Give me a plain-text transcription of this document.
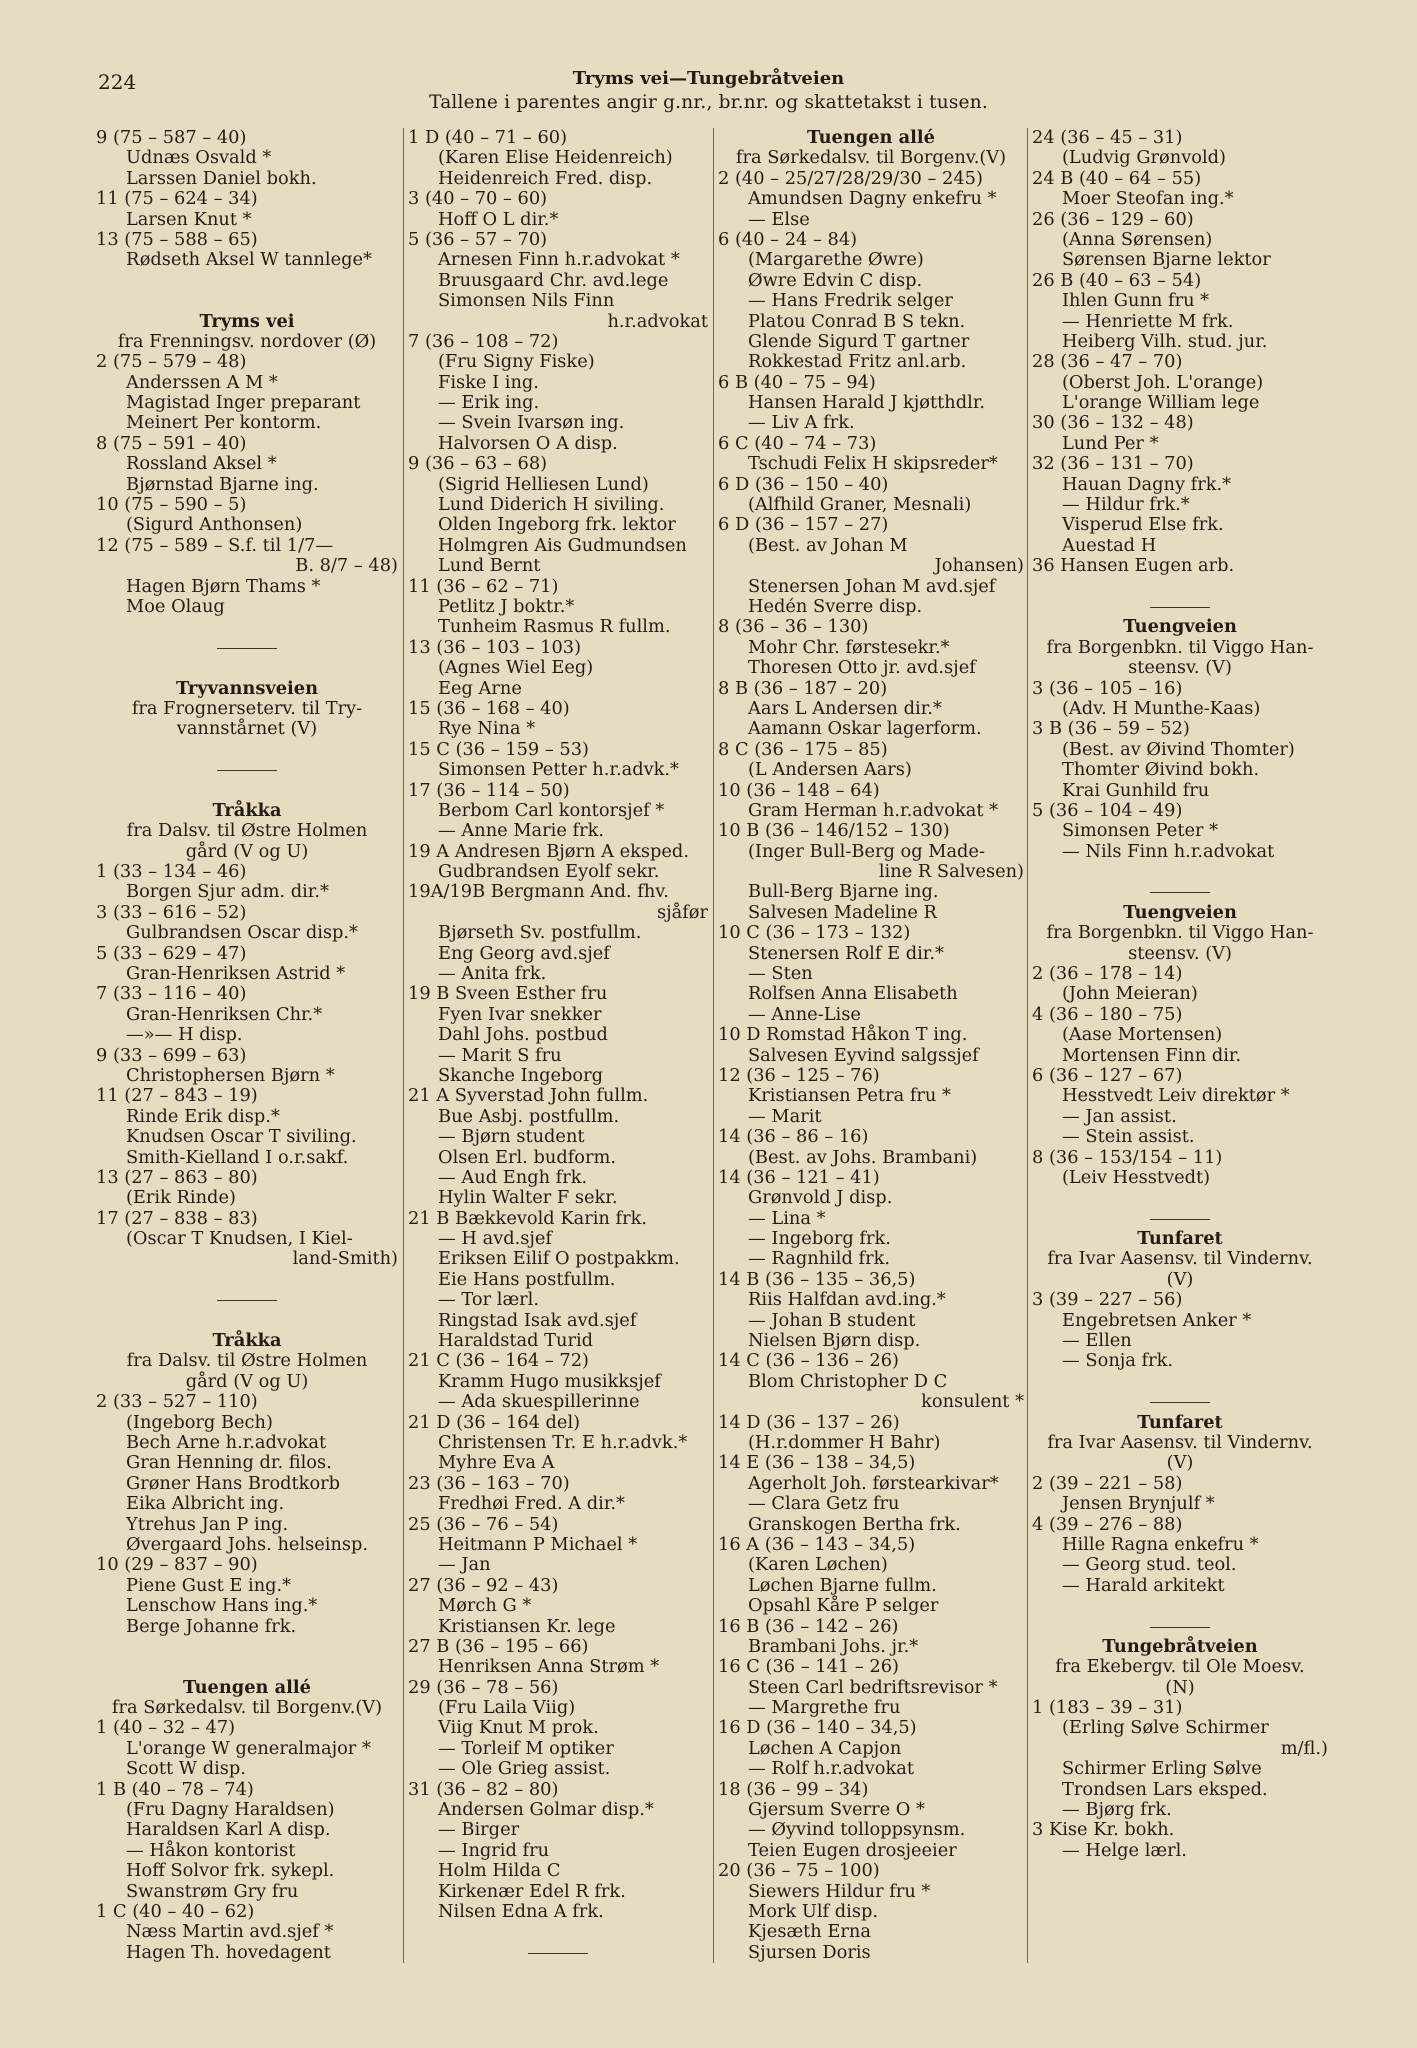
224	Tryms vei—Tungebråtveien
Tallene i parentes angir g.nr., br.nr. og skattetakst i tusen.
9 (75 – 587 – 40)
Udnæs Osvald *
Larssen Daniel bokh.
11 (75 – 624 – 34)
Larsen Knut *
13 (75 – 588 – 65)
Rødseth Aksel W tannlege*
Tryms vei
fra Frenningsv. nordover (Ø)
2 (75 – 579 – 48)
Anderssen A M *
Magistad Inger preparant
Meinert Per kontorm.
8 (75 – 591 – 40)
Rossland Aksel *
Bjørnstad Bjarne ing.
10 (75 – 590 – 5)
(Sigurd Anthonsen)
12 (75 – 589 – S.f. til 1/7—
B. 8/7 – 48)
Hagen Bjørn Thams *
Moe Olaug
Tryvannsveien
fra Frognerseterv. til Try-
vannstårnet (V)
Tråkka
fra Dalsv. til Østre Holmen
gård (V og U)
1 (33 – 134 – 46)
Borgen Sjur adm. dir.*
3 (33 – 616 – 52)
Gulbrandsen Oscar disp.*
5 (33 – 629 – 47)
Gran-Henriksen Astrid *
7 (33 – 116 – 40)
Gran-Henriksen Chr.*
—»— H disp.
9 (33 – 699 – 63)
Christophersen Bjørn *
11 (27 – 843 – 19)
Rinde Erik disp.*
Knudsen Oscar T siviling.
Smith-Kielland I o.r.sakf.
13 (27 – 863 – 80)
(Erik Rinde)
17 (27 – 838 – 83)
(Oscar T Knudsen, I Kiel-
land-Smith)
Tråkka
fra Dalsv. til Østre Holmen
gård (V og U)
2 (33 – 527 – 110)
(Ingeborg Bech)
Bech Arne h.r.advokat
Gran Henning dr. filos.
Grøner Hans Brodtkorb
Eika Albricht ing.
Ytrehus Jan P ing.
Øvergaard Johs. helseinsp.
10 (29 – 837 – 90)
Piene Gust E ing.*
Lenschow Hans ing.*
Berge Johanne frk.
Tuengen allé
fra Sørkedalsv. til Borgenv.(V)
1 (40 – 32 – 47)
L'orange W generalmajor *
Scott W disp.
1 B (40 – 78 – 74)
(Fru Dagny Haraldsen)
Haraldsen Karl A disp.
— Håkon kontorist
Hoff Solvor frk. sykepl.
Swanstrøm Gry fru
1 C (40 – 40 – 62)
Næss Martin avd.sjef *
Hagen Th. hovedagent
1 D (40 – 71 – 60)
(Karen Elise Heidenreich)
Heidenreich Fred. disp.
3 (40 – 70 – 60)
Hoff O L dir.*
5 (36 – 57 – 70)
Arnesen Finn h.r.advokat *
Bruusgaard Chr. avd.lege
Simonsen Nils Finn
h.r.advokat
7 (36 – 108 – 72)
(Fru Signy Fiske)
Fiske I ing.
— Erik ing.
— Svein Ivarsøn ing.
Halvorsen O A disp.
9 (36 – 63 – 68)
(Sigrid Helliesen Lund)
Lund Diderich H siviling.
Olden Ingeborg frk. lektor
Holmgren Ais Gudmundsen
Lund Bernt
11 (36 – 62 – 71)
Petlitz J boktr.*
Tunheim Rasmus R fullm.
13 (36 – 103 – 103)
(Agnes Wiel Eeg)
Eeg Arne
15 (36 – 168 – 40)
Rye Nina *
15 C (36 – 159 – 53)
Simonsen Petter h.r.advk.*
17 (36 – 114 – 50)
Berbom Carl kontorsjef *
— Anne Marie frk.
19 A Andresen Bjørn A eksped.
Gudbrandsen Eyolf sekr.
19A/19B Bergmann And. fhv.
sjåfør
Bjørseth Sv. postfullm.
Eng Georg avd.sjef
— Anita frk.
19 B Sveen Esther fru
Fyen Ivar snekker
Dahl Johs. postbud
— Marit S fru
Skanche Ingeborg
21 A Syverstad John fullm.
Bue Asbj. postfullm.
— Bjørn student
Olsen Erl. budform.
— Aud Engh frk.
Hylin Walter F sekr.
21 B Bækkevold Karin frk.
— H avd.sjef
Eriksen Eilif O postpakkm.
Eie Hans postfullm.
— Tor lærl.
Ringstad Isak avd.sjef
Haraldstad Turid
21 C (36 – 164 – 72)
Kramm Hugo musikksjef
— Ada skuespillerinne
21 D (36 – 164 del)
Christensen Tr. E h.r.advk.*
Myhre Eva A
23 (36 – 163 – 70)
Fredhøi Fred. A dir.*
25 (36 – 76 – 54)
Heitmann P Michael *
— Jan
27 (36 – 92 – 43)
Mørch G *
Kristiansen Kr. lege
27 B (36 – 195 – 66)
Henriksen Anna Strøm *
29 (36 – 78 – 56)
(Fru Laila Viig)
Viig Knut M prok.
— Torleif M optiker
— Ole Grieg assist.
31 (36 – 82 – 80)
Andersen Golmar disp.*
— Birger
— Ingrid fru
Holm Hilda C
Kirkenær Edel R frk.
Nilsen Edna A frk.
Tuengen allé
fra Sørkedalsv. til Borgenv.(V)
2 (40 – 25/27/28/29/30 – 245)
Amundsen Dagny enkefru *
— Else
6 (40 – 24 – 84)
(Margarethe Øwre)
Øwre Edvin C disp.
— Hans Fredrik selger
Platou Conrad B S tekn.
Glende Sigurd T gartner
Rokkestad Fritz anl.arb.
6 B (40 – 75 – 94)
Hansen Harald J kjøtthdlr.
— Liv A frk.
6 C (40 – 74 – 73)
Tschudi Felix H skipsreder*
6 D (36 – 150 – 40)
(Alfhild Graner, Mesnali)
6 D (36 – 157 – 27)
(Best. av Johan M
Johansen)
Stenersen Johan M avd.sjef
Hedén Sverre disp.
8 (36 – 36 – 130)
Mohr Chr. førstesekr.*
Thoresen Otto jr. avd.sjef
8 B (36 – 187 – 20)
Aars L Andersen dir.*
Aamann Oskar lagerform.
8 C (36 – 175 – 85)
(L Andersen Aars)
10 (36 – 148 – 64)
Gram Herman h.r.advokat *
10 B (36 – 146/152 – 130)
(Inger Bull-Berg og Made-
line R Salvesen)
Bull-Berg Bjarne ing.
Salvesen Madeline R
10 C (36 – 173 – 132)
Stenersen Rolf E dir.*
— Sten
Rolfsen Anna Elisabeth
— Anne-Lise
10 D Romstad Håkon T ing.
Salvesen Eyvind salgssjef
12 (36 – 125 – 76)
Kristiansen Petra fru *
— Marit
14 (36 – 86 – 16)
(Best. av Johs. Brambani)
14 (36 – 121 – 41)
Grønvold J disp.
— Lina *
— Ingeborg frk.
— Ragnhild frk.
14 B (36 – 135 – 36,5)
Riis Halfdan avd.ing.*
— Johan B student
Nielsen Bjørn disp.
14 C (36 – 136 – 26)
Blom Christopher D C
konsulent *
14 D (36 – 137 – 26)
(H.r.dommer H Bahr)
14 E (36 – 138 – 34,5)
Agerholt Joh. førstearkivar*
— Clara Getz fru
Granskogen Bertha frk.
16 A (36 – 143 – 34,5)
(Karen Løchen)
Løchen Bjarne fullm.
Opsahl Kåre P selger
16 B (36 – 142 – 26)
Brambani Johs. jr.*
16 C (36 – 141 – 26)
Steen Carl bedriftsrevisor *
— Margrethe fru
16 D (36 – 140 – 34,5)
Løchen A Capjon
— Rolf h.r.advokat
18 (36 – 99 – 34)
Gjersum Sverre O *
— Øyvind tolloppsynsm.
Teien Eugen drosjeeier
20 (36 – 75 – 100)
Siewers Hildur fru *
Mork Ulf disp.
Kjesæth Erna
Sjursen Doris
24 (36 – 45 – 31)
(Ludvig Grønvold)
24 B (40 – 64 – 55)
Moer Steofan ing.*
26 (36 – 129 – 60)
(Anna Sørensen)
Sørensen Bjarne lektor
26 B (40 – 63 – 54)
Ihlen Gunn fru *
— Henriette M frk.
Heiberg Vilh. stud. jur.
28 (36 – 47 – 70)
(Oberst Joh. L'orange)
L'orange William lege
30 (36 – 132 – 48)
Lund Per *
32 (36 – 131 – 70)
Hauan Dagny frk.*
— Hildur frk.*
Visperud Else frk.
Auestad H
36 Hansen Eugen arb.
Tuengveien
fra Borgenbkn. til Viggo Han-
steensv. (V)
3 (36 – 105 – 16)
(Adv. H Munthe-Kaas)
3 B (36 – 59 – 52)
(Best. av Øivind Thomter)
Thomter Øivind bokh.
Krai Gunhild fru
5 (36 – 104 – 49)
Simonsen Peter *
— Nils Finn h.r.advokat
Tuengveien
fra Borgenbkn. til Viggo Han-
steensv. (V)
2 (36 – 178 – 14)
(John Meieran)
4 (36 – 180 – 75)
(Aase Mortensen)
Mortensen Finn dir.
6 (36 – 127 – 67)
Hesstvedt Leiv direktør *
— Jan assist.
— Stein assist.
8 (36 – 153/154 – 11)
(Leiv Hesstvedt)
Tunfaret
fra Ivar Aasensv. til Vindernv.
(V)
3 (39 – 227 – 56)
Engebretsen Anker *
— Ellen
— Sonja frk.
Tunfaret
fra Ivar Aasensv. til Vindernv.
(V)
2 (39 – 221 – 58)
Jensen Brynjulf *
4 (39 – 276 – 88)
Hille Ragna enkefru *
— Georg stud. teol.
— Harald arkitekt
Tungebråtveien
fra Ekebergv. til Ole Moesv.
(N)
1 (183 – 39 – 31)
(Erling Sølve Schirmer
m/fl.)
Schirmer Erling Sølve
Trondsen Lars eksped.
— Bjørg frk.
3 Kise Kr. bokh.
— Helge lærl.
